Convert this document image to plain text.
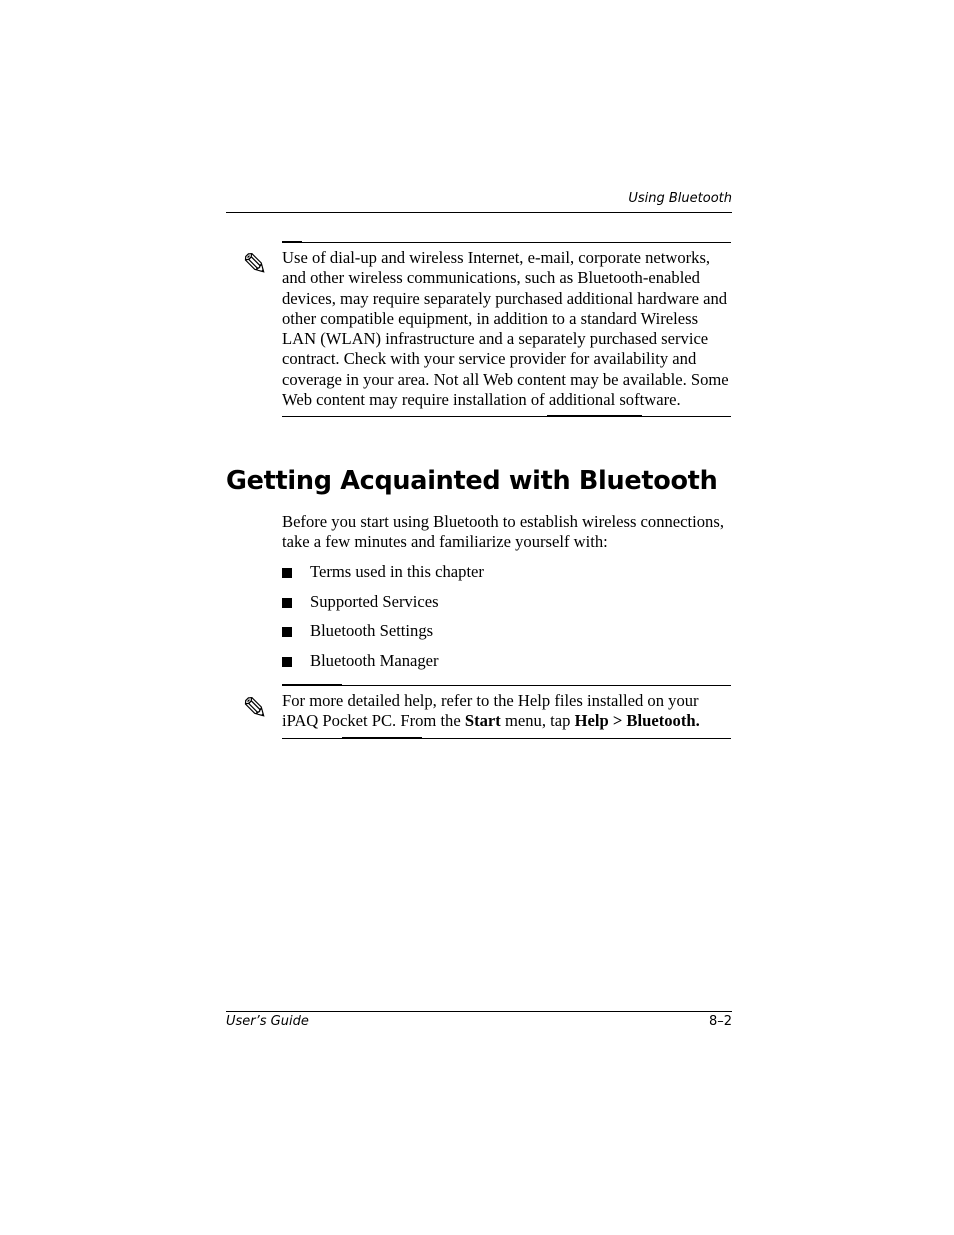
Using Bluetooth
✎ Use of dial-up and wireless Internet, e-mail, corporate networks, and other wireless communications, such as Bluetooth-enabled devices, may require separately purchased additional hardware and other compatible equipment, in addition to a standard Wireless LAN (WLAN) infrastructure and a separately purchased service contract. Check with your service provider for availability and coverage in your area. Not all Web content may be available. Some Web content may require installation of additional software.
Getting Acquainted with Bluetooth

Before you start using Bluetooth to establish wireless connections, take a few minutes and familiarize yourself with:

Terms used in this chapter
Supported Services
Bluetooth Settings
Bluetooth Manager
✎ For more detailed help, refer to the Help files installed on your iPAQ Pocket PC. From the Start menu, tap Help > Bluetooth.
User’s Guide	8–2
